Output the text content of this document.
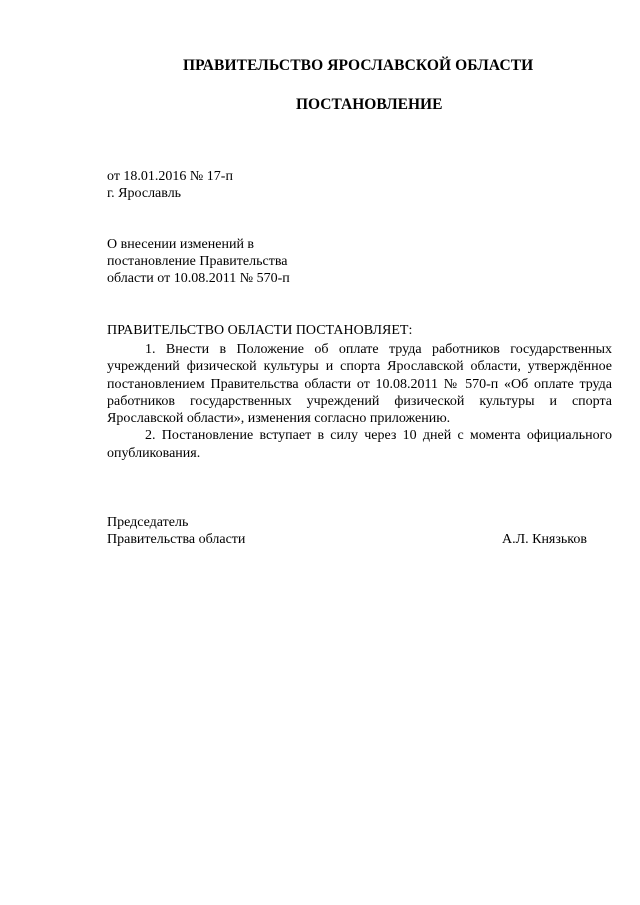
ПРАВИТЕЛЬСТВО ЯРОСЛАВСКОЙ ОБЛАСТИ
ПОСТАНОВЛЕНИЕ
от 18.01.2016 № 17-п
г. Ярославль
О внесении изменений в
постановление Правительства
области от 10.08.2011 № 570-п
ПРАВИТЕЛЬСТВО ОБЛАСТИ ПОСТАНОВЛЯЕТ:

1. Внести в Положение об оплате труда работников государственных учреждений физической культуры и спорта Ярославской области, утверждённое постановлением Правительства области от 10.08.2011 № 570-п «Об оплате труда работников государственных учреждений физической культуры и спорта Ярославской области», изменения согласно приложению.

2. Постановление вступает в силу через 10 дней с момента официального опубликования.

Председатель
Правительства области	А.Л. Князьков
